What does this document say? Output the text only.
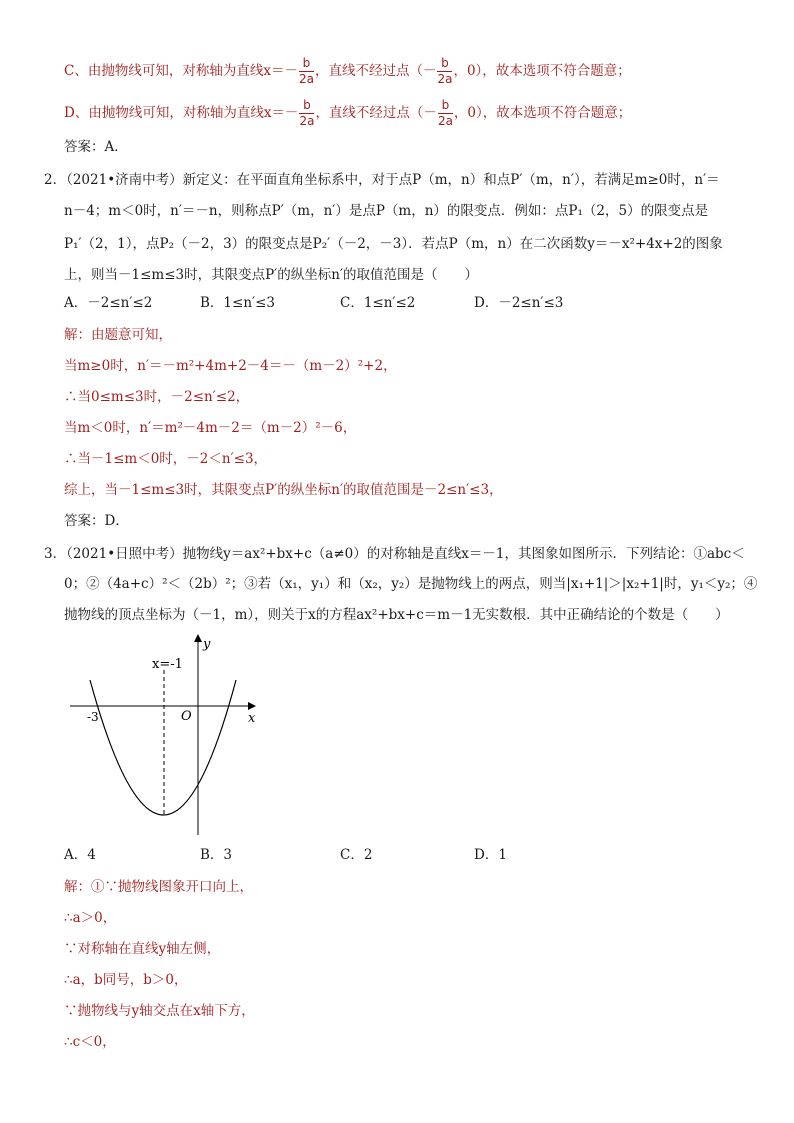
C、由抛物线可知，对称轴为直线$x=- \frac{b}{2a}$ ，直线不经过点（－ $\frac{b}{2a}$ ，0），故本选项不符合题意；
D、由抛物线可知，对称轴为直线$x=- \frac{b}{2a}$ ，直线不经过点（－ $\frac{b}{2a}$ ，0），故本选项不符合题意；
答案：A．
2．（2021•济南中考）新定义：在平面直角坐标系中，对于点P（m，n）和点P′（m，n′），若满足m≥0时，n′＝
n－4；m＜0时，n′＝－n，则称点P′（m，n′）是点P（m，n）的限变点．例如：点P₁（2，5）的限变点是
P₁′（2，1），点P₂（－2，3）的限变点是P₂′（－2，－3）．若点P（m，n）在二次函数y＝－x²+4x+2的图象
上，则当－1≤m≤3时，其限变点P′的纵坐标n′的取值范围是（　　）
A．－2≤n′≤2	B．1≤n′≤3	C．1≤n′≤2	D．－2≤n′≤3
解：由题意可知，
当m≥0时，n′＝－m²+4m+2－4＝－（m－2）²+2，
∴当0≤m≤3时，－2≤n′≤2，
当m＜0时，n′＝m²－4m－2＝（m－2）²－6，
∴当－1≤m＜0时，－2＜n′≤3，
综上，当－1≤m≤3时，其限变点P′的纵坐标n′的取值范围是－2≤n′≤3，
答案：D．
3．（2021•日照中考）抛物线y＝ax²+bx+c（a≠0）的对称轴是直线x＝－1，其图象如图所示．下列结论：①abc＜
0；②（4a+c）²＜（2b）²；③若（x₁，y₁）和（x₂，y₂）是抛物线上的两点，则当|x₁+1|＞|x₂+1|时，y₁＜y₂；④
抛物线的顶点坐标为（－1，m），则关于x的方程ax²+bx+c＝m－1无实数根．其中正确结论的个数是（　　）
x=-1
y
x
O
-3
A．4	B．3	C．2	D．1
解：①∵抛物线图象开口向上，
∴a＞0，
∵对称轴在直线y轴左侧，
∴a，b同号，b＞0，
∵抛物线与y轴交点在x轴下方，
∴c＜0，
